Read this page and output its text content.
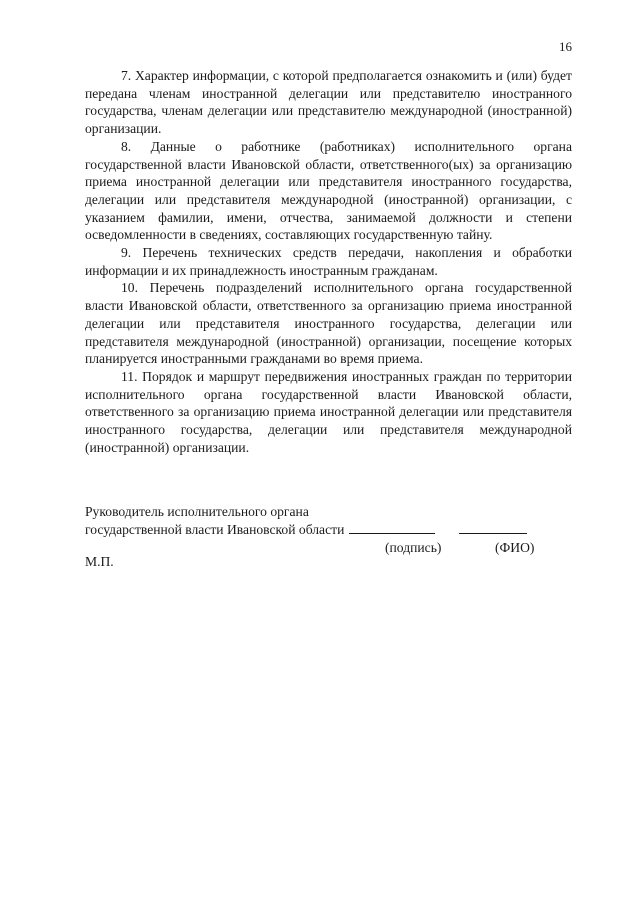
16

7. Характер информации, с которой предполагается ознакомить и (или) будет передана членам иностранной делегации или представителю иностранного государства, членам делегации или представителю международной (иностранной) организации.

8. Данные о работнике (работниках) исполнительного органа государственной власти Ивановской области, ответственного(ых) за организацию приема иностранной делегации или представителя иностранного государства, делегации или представителя международной (иностранной) организации, с указанием фамилии, имени, отчества, занимаемой должности и степени осведомленности в сведениях, составляющих государственную тайну.

9. Перечень технических средств передачи, накопления и обработки информации и их принадлежность иностранным гражданам.

10. Перечень подразделений исполнительного органа государственной власти Ивановской области, ответственного за организацию приема иностранной делегации или представителя иностранного государства, делегации или представителя международной (иностранной) организации, посещение которых планируется иностранными гражданами во время приема.

11. Порядок и маршрут передвижения иностранных граждан по территории исполнительного органа государственной власти Ивановской области, ответственного за организацию приема иностранной делегации или представителя иностранного государства, делегации или представителя международной (иностранной) организации.

Руководитель исполнительного органа
государственной власти Ивановской области
(подпись)	(ФИО)
М.П.
